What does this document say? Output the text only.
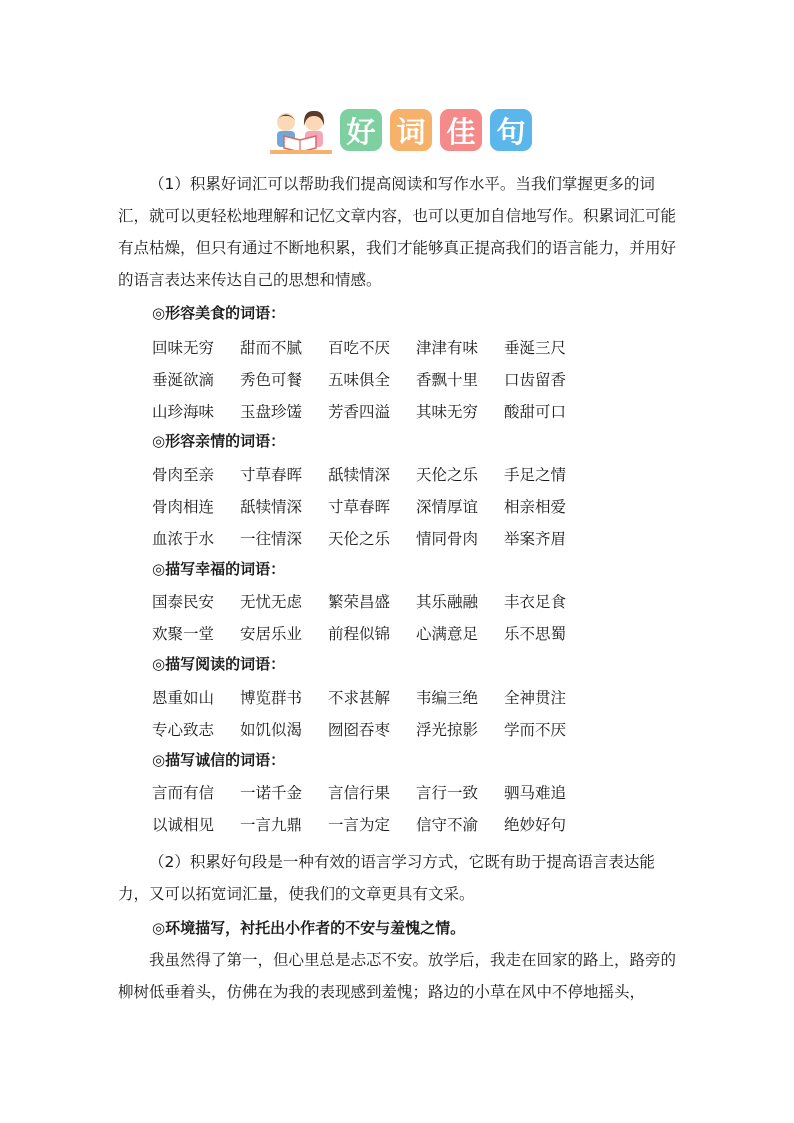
好 词 佳 句

（1）积累好词汇可以帮助我们提高阅读和写作水平。当我们掌握更多的词汇，就可以更轻松地理解和记忆文章内容，也可以更加自信地写作。积累词汇可能有点枯燥，但只有通过不断地积累，我们才能够真正提高我们的语言能力，并用好的语言表达来传达自己的思想和情感。

◎形容美食的词语：
回味无穷	甜而不腻	百吃不厌	津津有味	垂涎三尺
垂涎欲滴	秀色可餐	五味俱全	香飘十里	口齿留香
山珍海味	玉盘珍馐	芳香四溢	其味无穷	酸甜可口
◎形容亲情的词语：
骨肉至亲	寸草春晖	舐犊情深	天伦之乐	手足之情
骨肉相连	舐犊情深	寸草春晖	深情厚谊	相亲相爱
血浓于水	一往情深	天伦之乐	情同骨肉	举案齐眉
◎描写幸福的词语：
国泰民安	无忧无虑	繁荣昌盛	其乐融融	丰衣足食
欢聚一堂	安居乐业	前程似锦	心满意足	乐不思蜀
◎描写阅读的词语：
恩重如山	博览群书	不求甚解	韦编三绝	全神贯注
专心致志	如饥似渴	囫囵吞枣	浮光掠影	学而不厌
◎描写诚信的词语：
言而有信	一诺千金	言信行果	言行一致	驷马难追
以诚相见	一言九鼎	一言为定	信守不渝	绝妙好句

（2）积累好句段是一种有效的语言学习方式，它既有助于提高语言表达能力，又可以拓宽词汇量，使我们的文章更具有文采。

◎环境描写，衬托出小作者的不安与羞愧之情。

我虽然得了第一，但心里总是忐忑不安。放学后，我走在回家的路上，路旁的柳树低垂着头，仿佛在为我的表现感到羞愧；路边的小草在风中不停地摇头，
